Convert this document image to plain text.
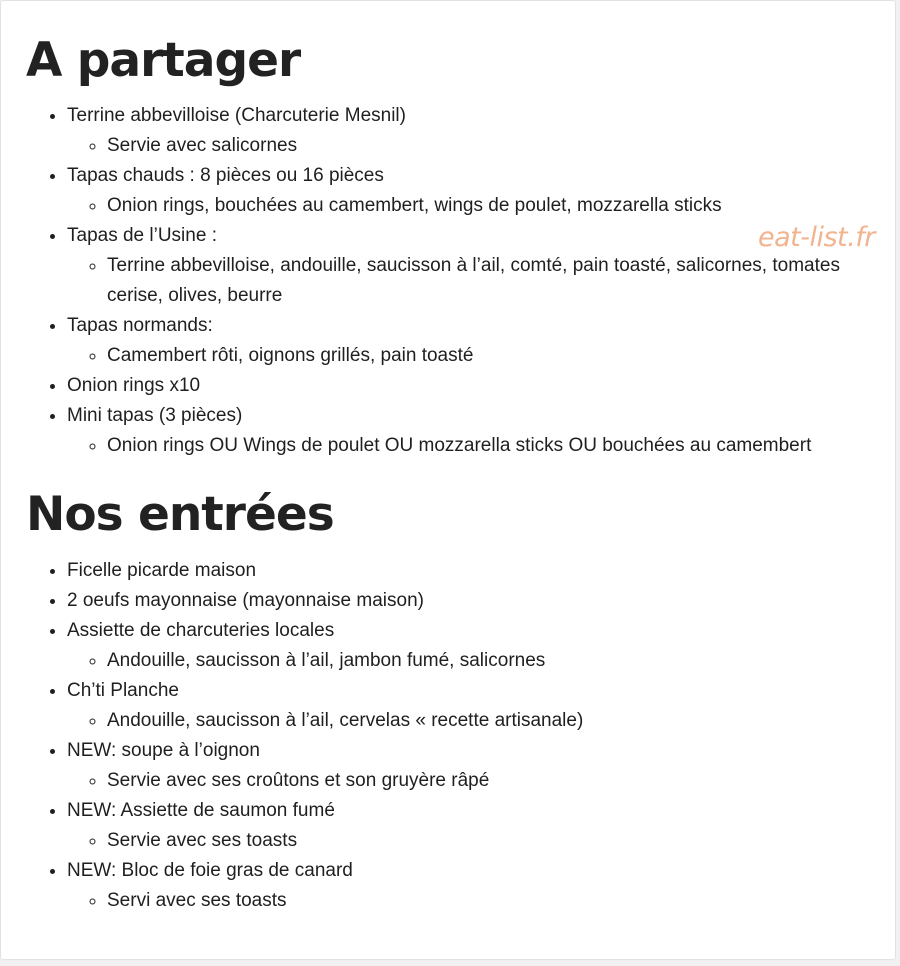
A partager
• Terrine abbevilloise (Charcuterie Mesnil)
◦ Servie avec salicornes
• Tapas chauds : 8 pièces ou 16 pièces
◦ Onion rings, bouchées au camembert, wings de poulet, mozzarella sticks
• Tapas de l’Usine :
◦ Terrine abbevilloise, andouille, saucisson à l’ail, comté, pain toasté, salicornes, tomates cerise, olives, beurre
• Tapas normands:
◦ Camembert rôti, oignons grillés, pain toasté
• Onion rings x10
• Mini tapas (3 pièces)
◦ Onion rings OU Wings de poulet OU mozzarella sticks OU bouchées au camembert
Nos entrées
• Ficelle picarde maison
• 2 oeufs mayonnaise (mayonnaise maison)
• Assiette de charcuteries locales
◦ Andouille, saucisson à l’ail, jambon fumé, salicornes
• Ch’ti Planche
◦ Andouille, saucisson à l’ail, cervelas « recette artisanale)
• NEW: soupe à l’oignon
◦ Servie avec ses croûtons et son gruyère râpé
• NEW: Assiette de saumon fumé
◦ Servie avec ses toasts
• NEW: Bloc de foie gras de canard
◦ Servi avec ses toasts
eat-list.fr
